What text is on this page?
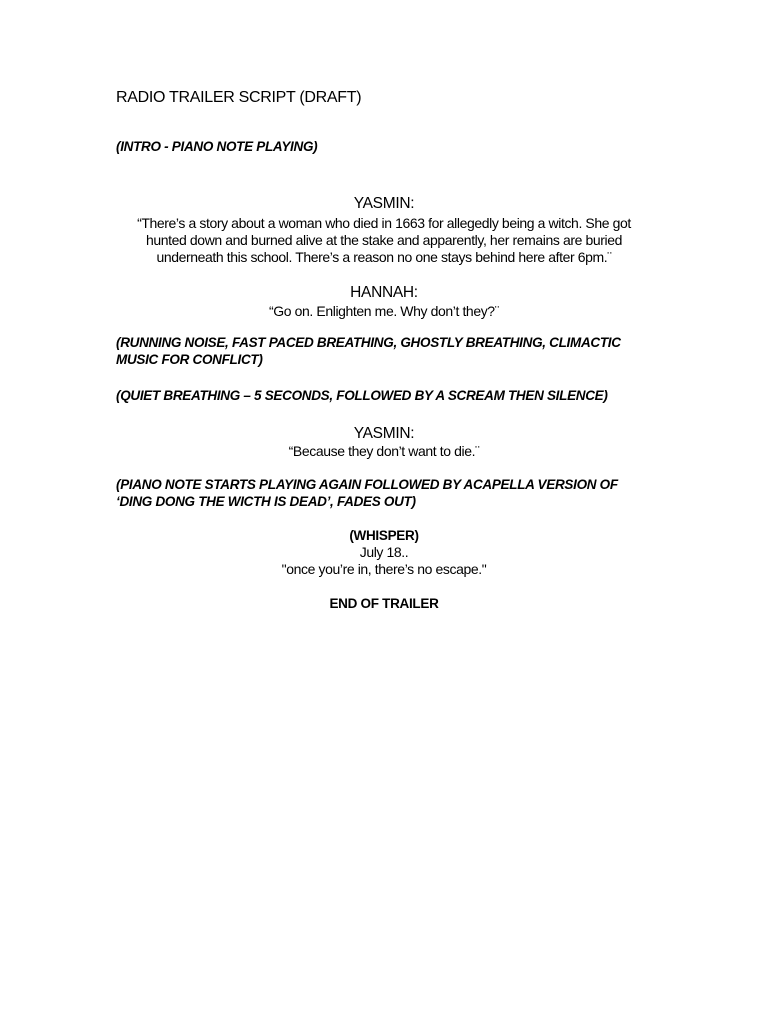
RADIO TRAILER SCRIPT (DRAFT)

(INTRO - PIANO NOTE PLAYING)

YASMIN:

“There’s a story about a woman who died in 1663 for allegedly being a witch. She got hunted down and burned alive at the stake and apparently, her remains are buried underneath this school. There’s a reason no one stays behind here after 6pm.¨

HANNAH:

“Go on. Enlighten me. Why don’t they?¨

(RUNNING NOISE, FAST PACED BREATHING, GHOSTLY BREATHING, CLIMACTIC MUSIC FOR CONFLICT)

(QUIET BREATHING – 5 SECONDS, FOLLOWED BY A SCREAM THEN SILENCE)

YASMIN:

“Because they don’t want to die.¨

(PIANO NOTE STARTS PLAYING AGAIN FOLLOWED BY ACAPELLA VERSION OF ‘DING DONG THE WICTH IS DEAD’, FADES OUT)

(WHISPER)

July 18..

"once you’re in, there’s no escape."

END OF TRAILER
